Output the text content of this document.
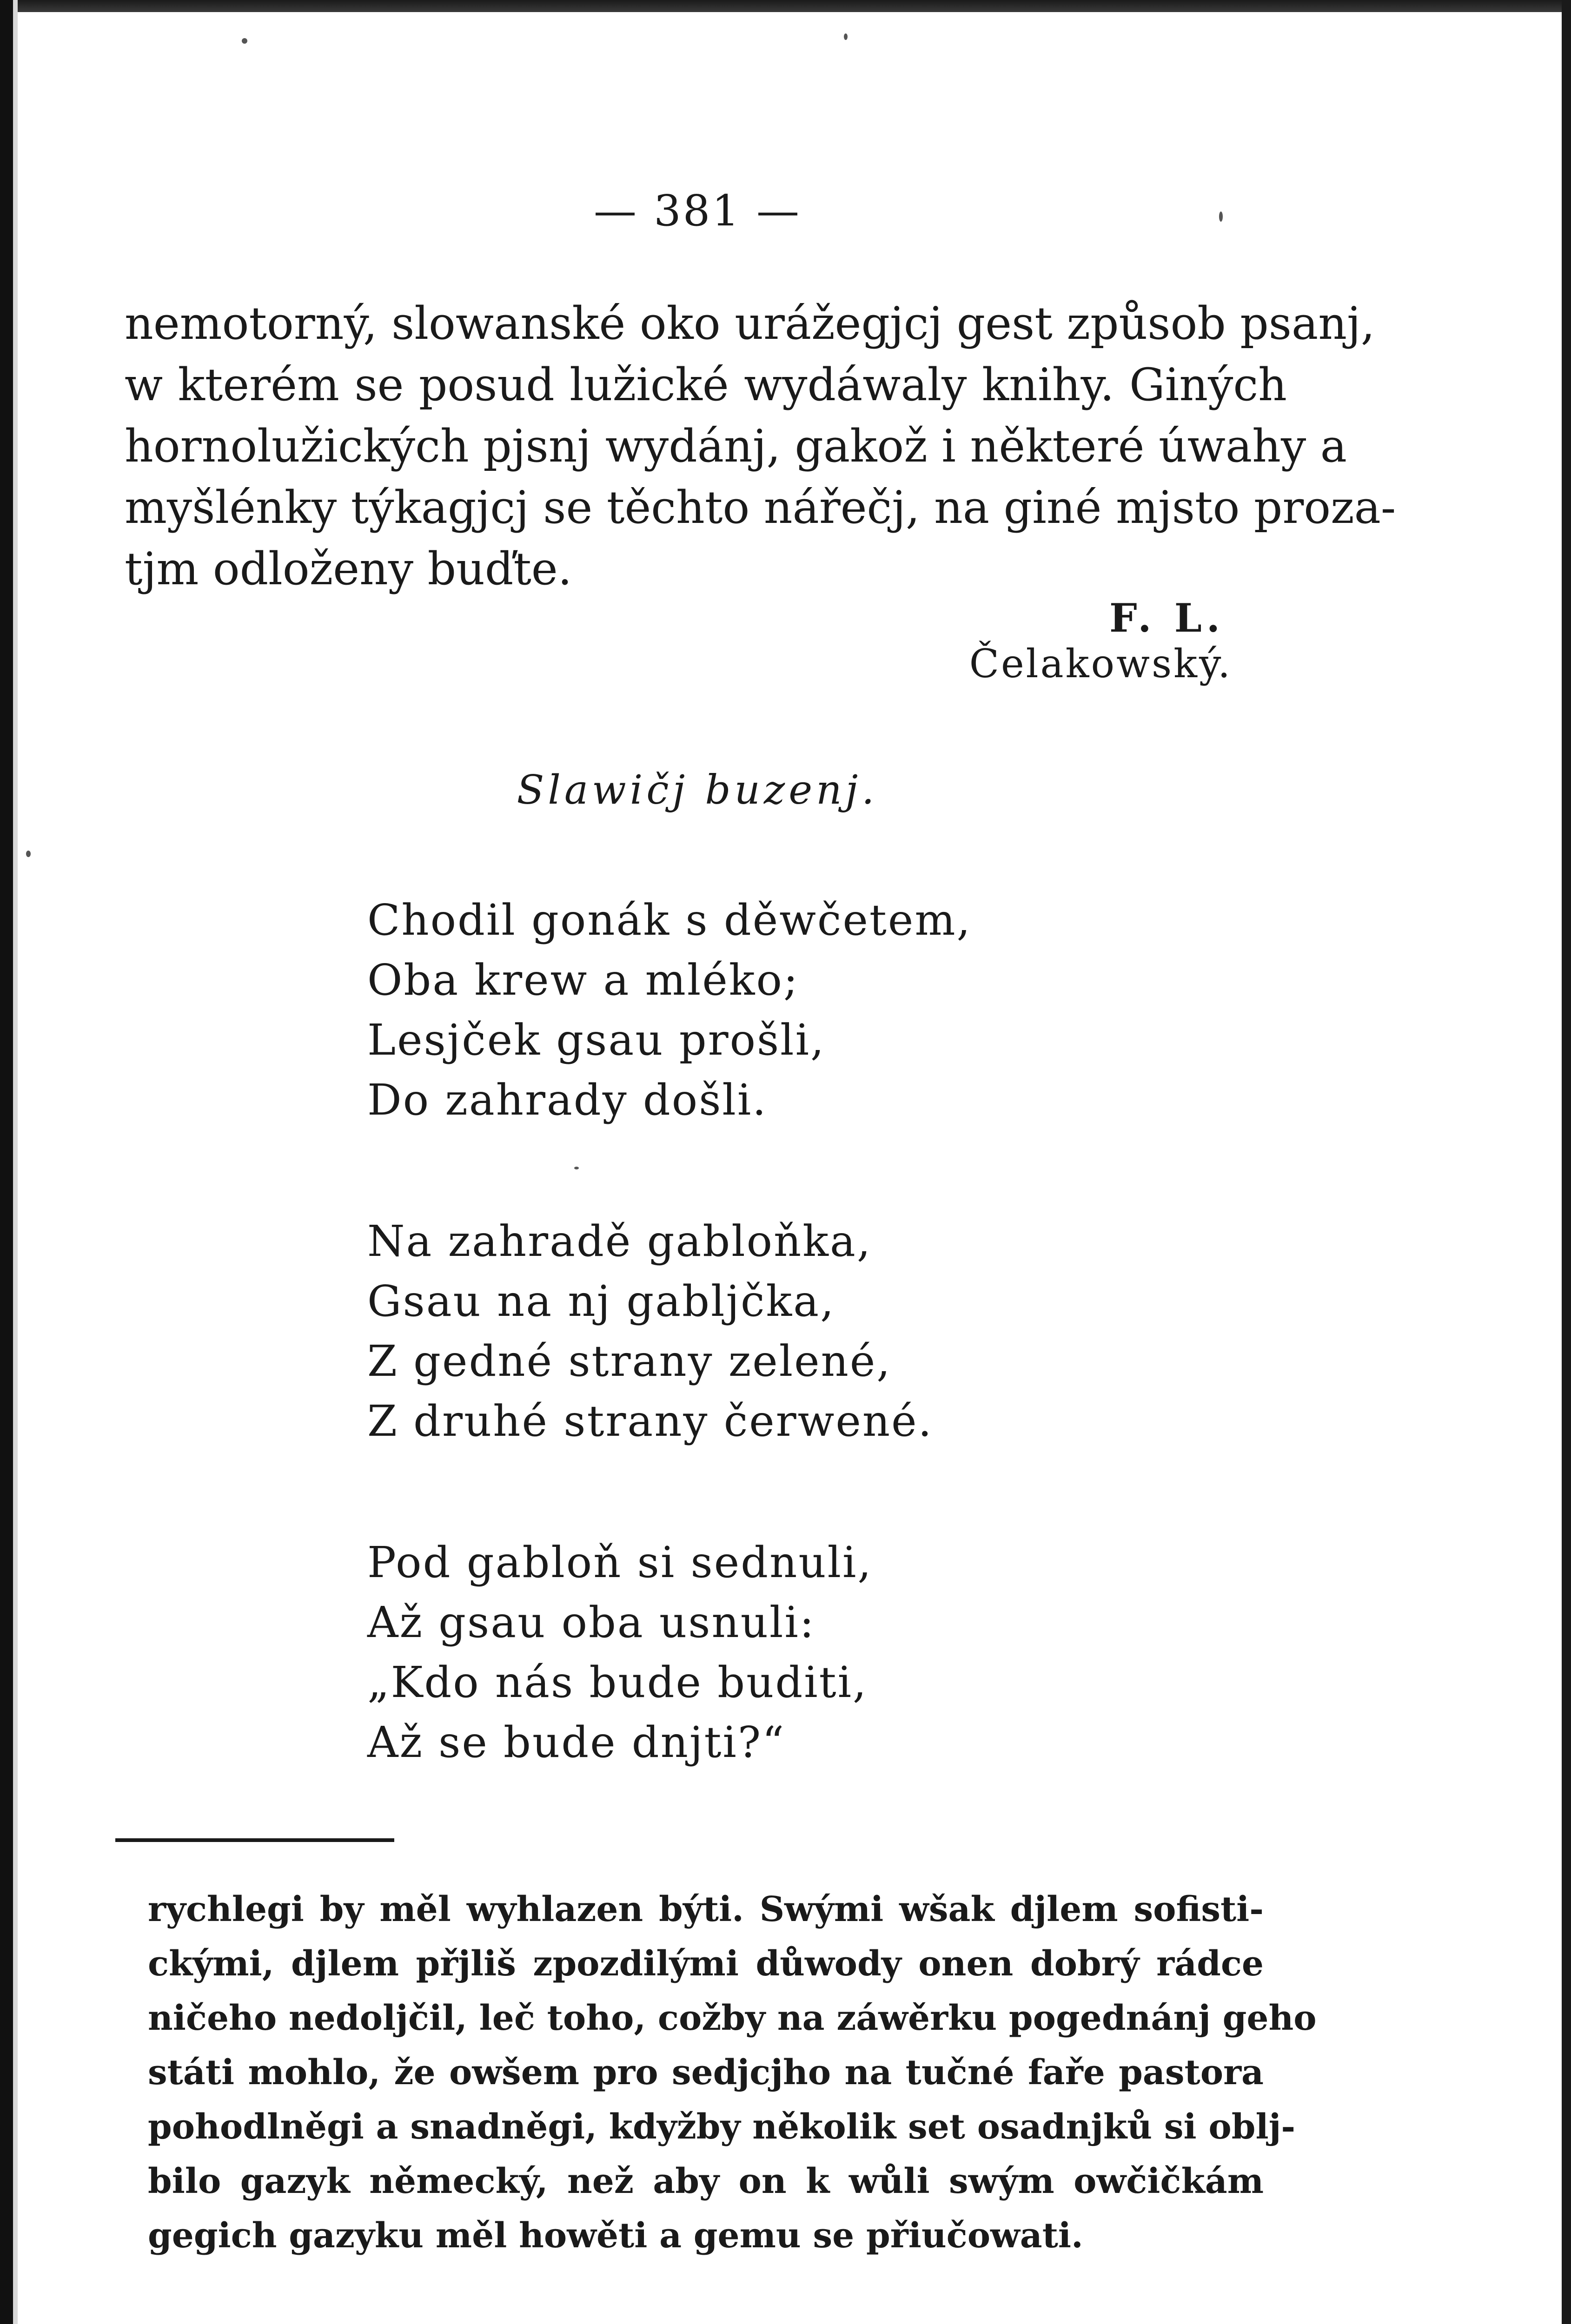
— 381 —
nemotorný, slowanské oko urážegjcj gest způsob psanj,
w kterém se posud lužické wydáwaly knihy. Giných
hornolužických pjsnj wydánj, gakož i některé úwahy a
myšlénky týkagjcj se těchto nářečj, na giné mjsto proza-
tjm odloženy buďte.
F. L. Čelakowský.
Slawičj buzenj.
Chodil gonák s děwčetem,
Oba krew a mléko;
Lesjček gsau prošli,
Do zahrady došli.
Na zahradě gabloňka,
Gsau na nj gabljčka,
Z gedné strany zelené,
Z druhé strany čerwené.
Pod gabloň si sednuli,
Až gsau oba usnuli:
„Kdo nás bude buditi,
Až se bude dnjti?“
rychlegi by měl wyhlazen býti. Swými wšak djlem sofisti-
ckými, djlem přjliš zpozdilými důwody onen dobrý rádce
ničeho nedoljčil, leč toho, cožby na záwěrku pogednánj geho
státi mohlo, že owšem pro sedjcjho na tučné faře pastora
pohodlněgi a snadněgi, kdyžby několik set osadnjků si oblj-
bilo gazyk německý, než aby on k wůli swým owčičkám
gegich gazyku měl howěti a gemu se přiučowati.
